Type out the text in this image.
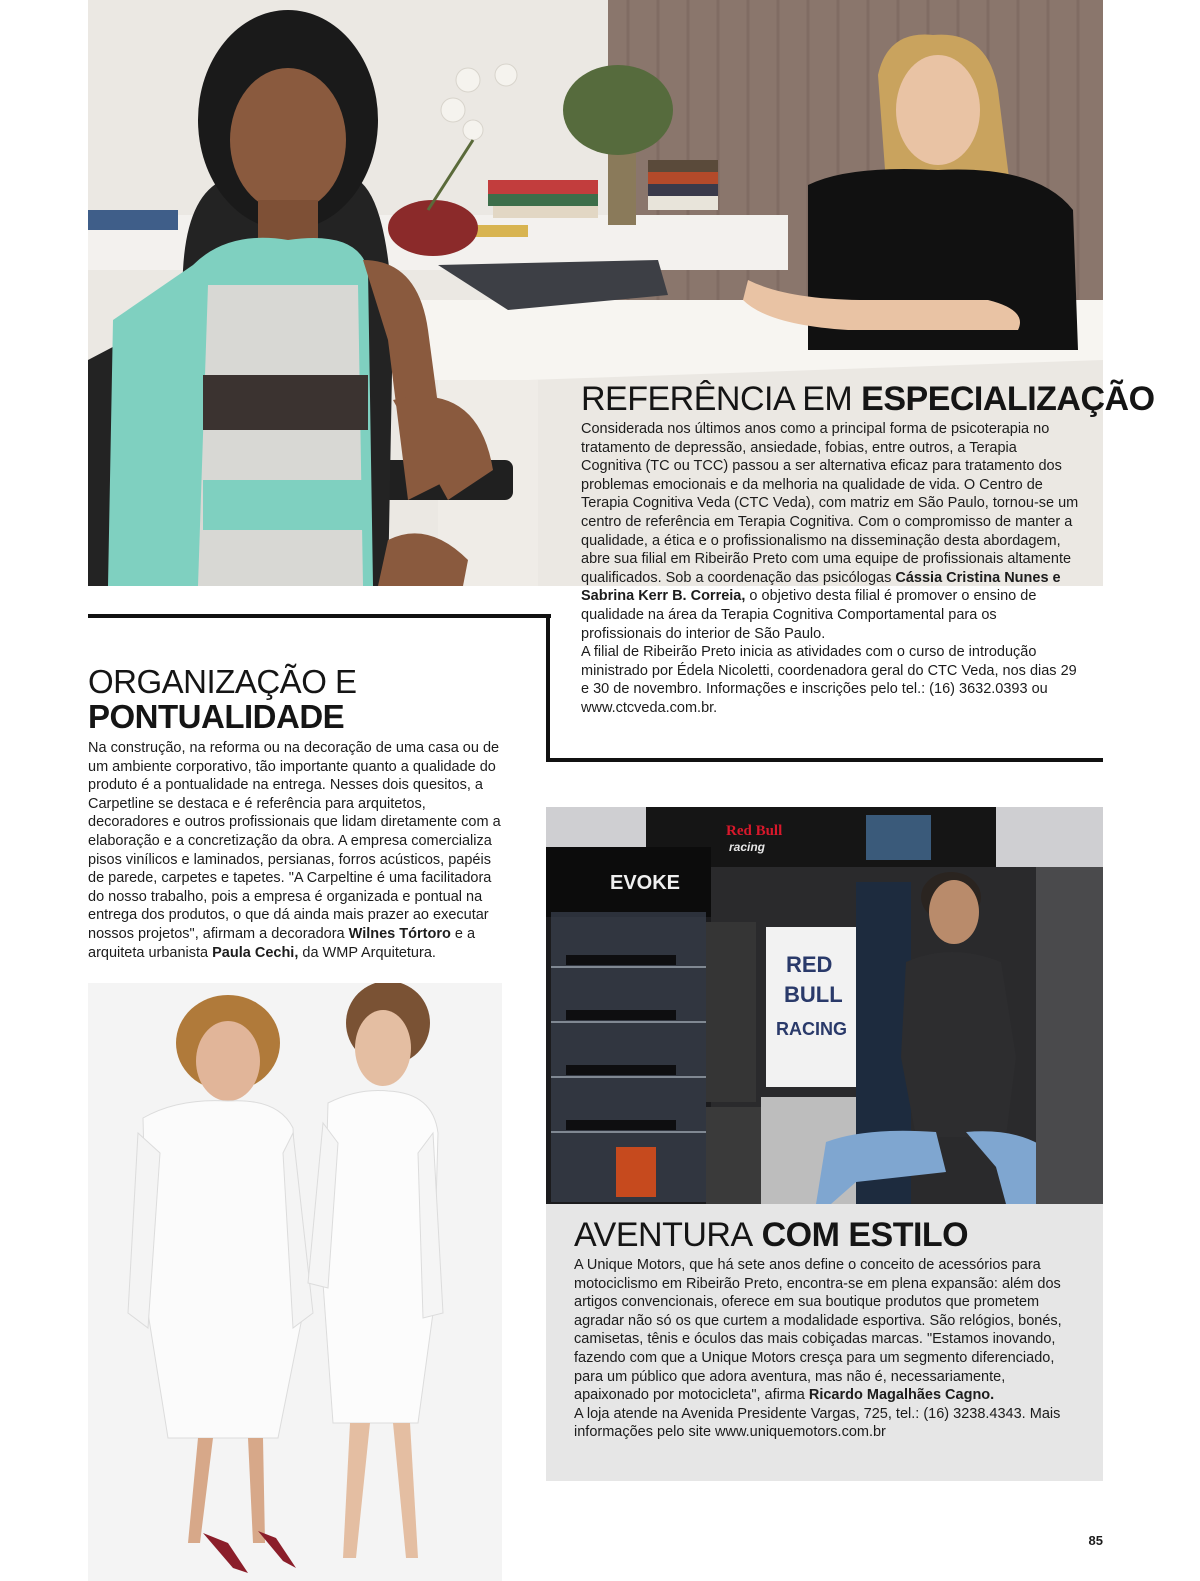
REFERÊNCIA EM ESPECIALIZAÇÃO

Considerada nos últimos anos como a principal forma de psicoterapia no tratamento de depressão, ansiedade, fobias, entre outros, a Terapia Cognitiva (TC ou TCC) passou a ser alternativa eficaz para tratamento dos problemas emocionais e da melhoria na qualidade de vida. O Centro de Terapia Cognitiva Veda (CTC Veda), com matriz em São Paulo, tornou-se um centro de referência em Terapia Cognitiva. Com o compromisso de manter a qualidade, a ética e o profissionalismo na disseminação desta abordagem, abre sua filial em Ribeirão Preto com uma equipe de profissionais altamente qualificados. Sob a coordenação das psicólogas Cássia Cristina Nunes e Sabrina Kerr B. Correia, o objetivo desta filial é promover o ensino de qualidade na área da Terapia Cognitiva Comportamental para os profissionais do interior de São Paulo.

A filial de Ribeirão Preto inicia as atividades com o curso de introdução ministrado por Édela Nicoletti, coordenadora geral do CTC Veda, nos dias 29 e 30 de novembro. Informações e inscrições pelo tel.: (16) 3632.0393 ou www.ctcveda.com.br.

ORGANIZAÇÃO E
PONTUALIDADE

Na construção, na reforma ou na decoração de uma casa ou de um ambiente corporativo, tão importante quanto a qualidade do produto é a pontualidade na entrega. Nesses dois quesitos, a Carpetline se destaca e é referência para arquitetos, decoradores e outros profissionais que lidam diretamente com a elaboração e a concretização da obra. A empresa comercializa pisos vinílicos e laminados, persianas, forros acústicos, papéis de parede, carpetes e tapetes. "A Carpeltine é uma facilitadora do nosso trabalho, pois a empresa é organizada e pontual na entrega dos produtos, o que dá ainda mais prazer ao executar nossos projetos", afirmam a decoradora Wilnes Tórtoro e a arquiteta urbanista Paula Cechi, da WMP Arquitetura.

Red Bull
racing
EVOKE
RED
BULL
RACING
AVENTURA COM ESTILO

A Unique Motors, que há sete anos define o conceito de acessórios para motociclismo em Ribeirão Preto, encontra-se em plena expansão: além dos artigos convencionais, oferece em sua boutique produtos que prometem agradar não só os que curtem a modalidade esportiva. São relógios, bonés, camisetas, tênis e óculos das mais cobiçadas marcas. "Estamos inovando, fazendo com que a Unique Motors cresça para um segmento diferenciado, para um público que adora aventura, mas não é, necessariamente, apaixonado por motocicleta", afirma Ricardo Magalhães Cagno.

A loja atende na Avenida Presidente Vargas, 725, tel.: (16) 3238.4343. Mais informações pelo site www.uniquemotors.com.br

85
